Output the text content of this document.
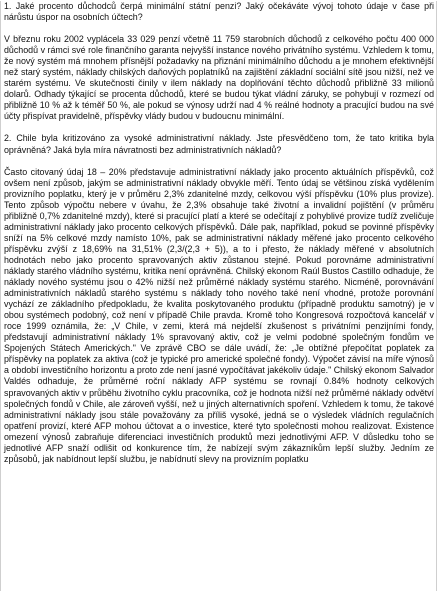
1. Jaké procento důchodců čerpá minimální státní penzi? Jaký očekáváte vývoj tohoto údaje v čase při nárůstu úspor na osobních účtech?

V březnu roku 2002 vyplácela 33 029 penzí včetně 11 759 starobních důchodů z celkového počtu 400 000 důchodů v rámci své role finančního garanta nejvyšší instance nového privátního systému. Vzhledem k tomu, že nový systém má mnohem přísnější požadavky na přiznání minimálního důchodu a je mnohem efektivnější než starý systém, náklady chilských daňových poplatníků na zajištění základní sociální sítě jsou nižší, než ve starém systému. Ve skutečnosti činily v ilem náklady na doplňování těchto důchodů přibližně 33 milionů dolarů. Odhady týkající se procenta důchodů, které se budou týkat vládní záruky, se pohybují v rozmezí od přibližně 10 % až k téměř 50 %, ale pokud se výnosy udrží nad 4 % reálné hodnoty a pracující budou na své účty přispívat pravidelně, příspěvky vlády budou v budoucnu minimální.

2. Chile byla kritizováno za vysoké administrativní náklady. Jste přesvědčeno tom, že tato kritika byla oprávněná? Jaká byla míra návratnosti bez administrativních nákladů?

Často citovaný údaj 18 – 20% představuje administrativní náklady jako procento aktuálních příspěvků, což ovšem není způsob, jakým se administrativní náklady obvykle měří. Tento údaj se většinou získá vydělením provizního poplatku, který je v průměru 2,3% zdanitelné mzdy, celkovou výší příspěvku (10% plus provize). Tento způsob výpočtu nebere v úvahu, že 2,3% obsahuje také životní a invalidní pojištění (v průměru přibližně 0,7% zdanitelné mzdy), které si pracující platí a které se odečítají z pohyblivé provize tudíž zveličuje administrativní náklady jako procento celkových příspěvků. Dále pak, například, pokud se povinné příspěvky sníží na 5% celkové mzdy namísto 10%, pak se administrativní náklady měřené jako procento celkového příspěvku zvýší z 18,69% na 31,51% (2,3/(2,3 + 5)), a to i přesto, že náklady měřené v absolutních hodnotách nebo jako procento spravovaných aktiv zůstanou stejné. Pokud porovnáme administrativní náklady starého vládního systému, kritika není oprávněná. Chilský ekonom Raúl Bustos Castillo odhaduje, že náklady nového systému jsou o 42% nižší než průměrné náklady systému starého. Nicméně, porovnávání administrativních nákladů starého systému s náklady toho nového také není vhodné, protože porovnání vychází ze základního předpokladu, že kvalita poskytovaného produktu (případně produktu samotný) je v obou systémech podobný, což není v případě Chile pravda. Kromě toho Kongresová rozpočtová kancelář v roce 1999 oznámila, že: „V Chile, v zemi, která má nejdelší zkušenost s privátními penzijními fondy, představují administrativní náklady 1% spravovaný aktiv, což je velmi podobné společným fondům ve Spojených Státech Amerických." Ve zprávě CBO se dále uvádí, že: „Je obtížné přepočítat poplatek za příspěvky na poplatek za aktiva (což je typické pro americké společné fondy). Výpočet závisí na míře výnosů a období investičního horizontu a proto zde není jasné vypočítávat jakékoliv údaje." Chilský ekonom Salvador Valdés odhaduje, že průměrné roční náklady AFP systému se rovnají 0.84% hodnoty celkových spravovaných aktiv v průběhu životního cyklu pracovníka, což je hodnota nižší než průměrné náklady odvětví společných fondů v Chile, ale zároveň vyšší, než u jiných alternativních spoření. Vzhledem k tomu, že takové administrativní náklady jsou stále považovány za příliš vysoké, jedná se o výsledek vládních regulačních opatření provizí, které AFP mohou účtovat a o investice, které tyto společnosti mohou realizovat. Existence omezení výnosů zabraňuje diferenciaci investičních produktů mezi jednotlivými AFP. V důsledku toho se jednotlivé AFP snaží odlišit od konkurence tím, že nabízejí svým zákazníkům lepší služby. Jedním ze způsobů, jak nabídnout lepší službu, je nabídnutí slevy na provizním poplatku
